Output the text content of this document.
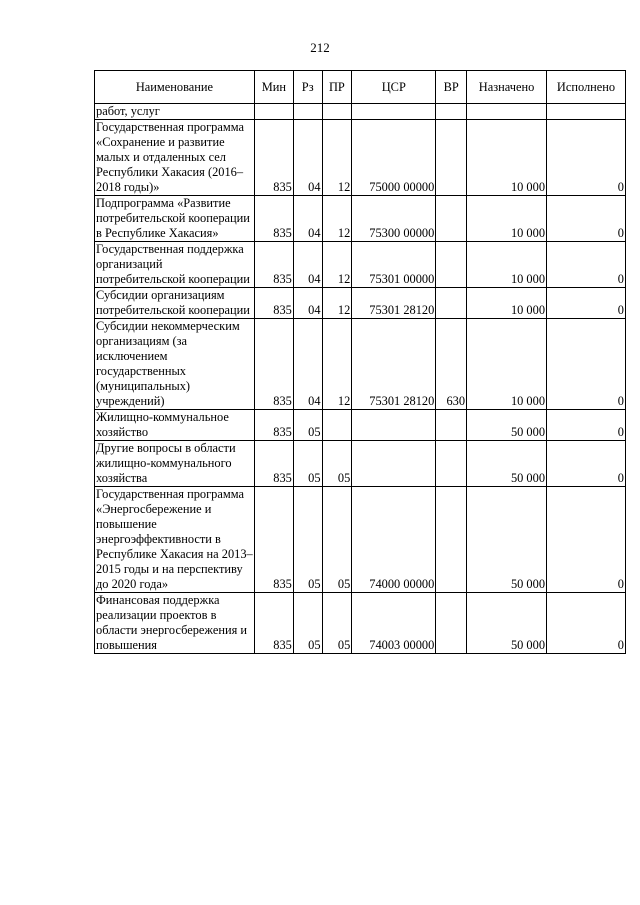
212
Наименование	Мин	Рз	ПР	ЦСР	ВР	Назначено	Исполнено
работ, услуг							
Государственная программа «Сохранение и развитие малых и отдаленных сел Республики Хакасия (2016–2018 годы)»	835	04	12	75000 00000		10 000	0
Подпрограмма «Развитие потребительской кооперации в Республике Хакасия»	835	04	12	75300 00000		10 000	0
Государственная поддержка организаций потребительской кооперации	835	04	12	75301 00000		10 000	0
Субсидии организациям потребительской кооперации	835	04	12	75301 28120		10 000	0
Субсидии некоммерческим организациям (за исключением государственных (муниципальных) учреждений)	835	04	12	75301 28120	630	10 000	0
Жилищно-коммунальное хозяйство	835	05				50 000	0
Другие вопросы в области жилищно-коммунального хозяйства	835	05	05			50 000	0
Государственная программа «Энергосбережение и повышение энергоэффективности в Республике Хакасия на 2013–2015 годы и на перспективу до 2020 года»	835	05	05	74000 00000		50 000	0
Финансовая поддержка реализации проектов в области энергосбережения и повышения	835	05	05	74003 00000		50 000	0
